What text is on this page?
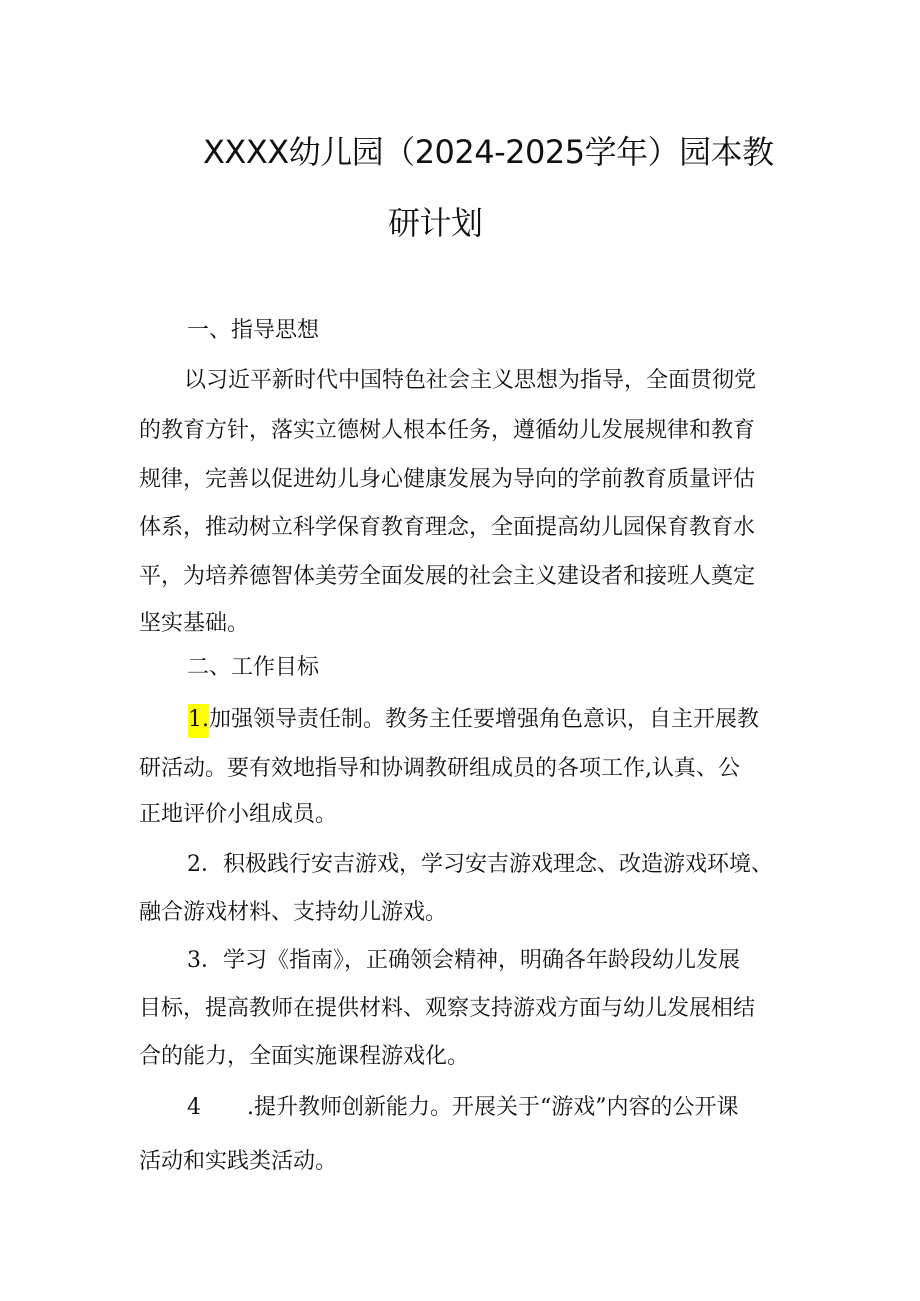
XXXX幼儿园（2024-2025学年）园本教
研计划
一、指导思想

以习近平新时代中国特色社会主义思想为指导，全面贯彻党

的教育方针，落实立德树人根本任务，遵循幼儿发展规律和教育

规律，完善以促进幼儿身心健康发展为导向的学前教育质量评估

体系，推动树立科学保育教育理念，全面提高幼儿园保育教育水

平，为培养德智体美劳全面发展的社会主义建设者和接班人奠定

坚实基础。

二、工作目标

1.加强领导责任制。教务主任要增强角色意识，自主开展教

研活动。要有效地指导和协调教研组成员的各项工作,认真、公

正地评价小组成员。

2．积极践行安吉游戏，学习安吉游戏理念、改造游戏环境、

融合游戏材料、支持幼儿游戏。

3．学习《指南》，正确领会精神，明确各年龄段幼儿发展

目标，提高教师在提供材料、观察支持游戏方面与幼儿发展相结

合的能力，全面实施课程游戏化。

4 .提升教师创新能力。开展关于“游戏”内容的公开课

活动和实践类活动。
